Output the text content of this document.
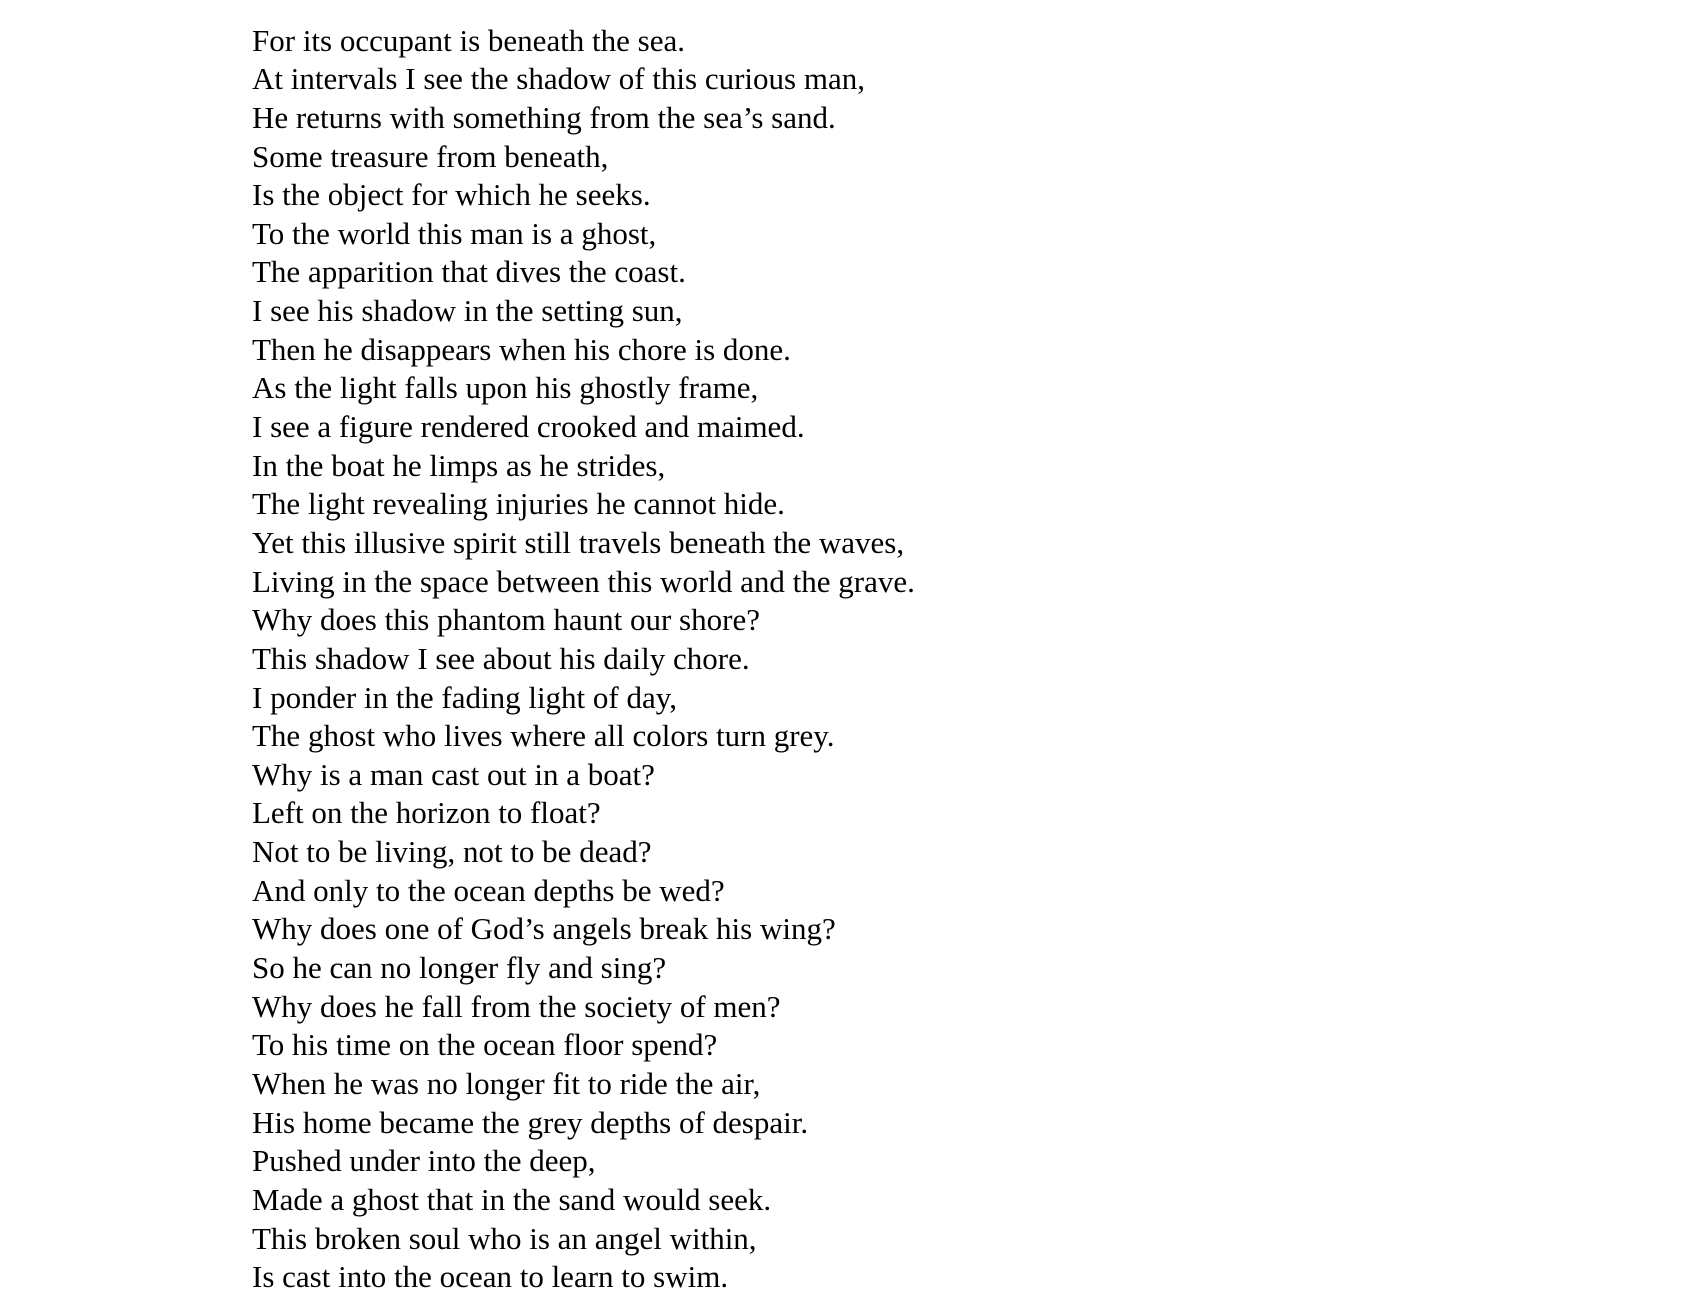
For its occupant is beneath the sea.
At intervals I see the shadow of this curious man,
He returns with something from the sea’s sand.
Some treasure from beneath,
Is the object for which he seeks.
To the world this man is a ghost,
The apparition that dives the coast.
I see his shadow in the setting sun,
Then he disappears when his chore is done.
As the light falls upon his ghostly frame,
I see a figure rendered crooked and maimed.
In the boat he limps as he strides,
The light revealing injuries he cannot hide.
Yet this illusive spirit still travels beneath the waves,
Living in the space between this world and the grave.
Why does this phantom haunt our shore?
This shadow I see about his daily chore.
I ponder in the fading light of day,
The ghost who lives where all colors turn grey.
Why is a man cast out in a boat?
Left on the horizon to float?
Not to be living, not to be dead?
And only to the ocean depths be wed?
Why does one of God’s angels break his wing?
So he can no longer fly and sing?
Why does he fall from the society of men?
To his time on the ocean floor spend?
When he was no longer fit to ride the air,
His home became the grey depths of despair.
Pushed under into the deep,
Made a ghost that in the sand would seek.
This broken soul who is an angel within,
Is cast into the ocean to learn to swim.
